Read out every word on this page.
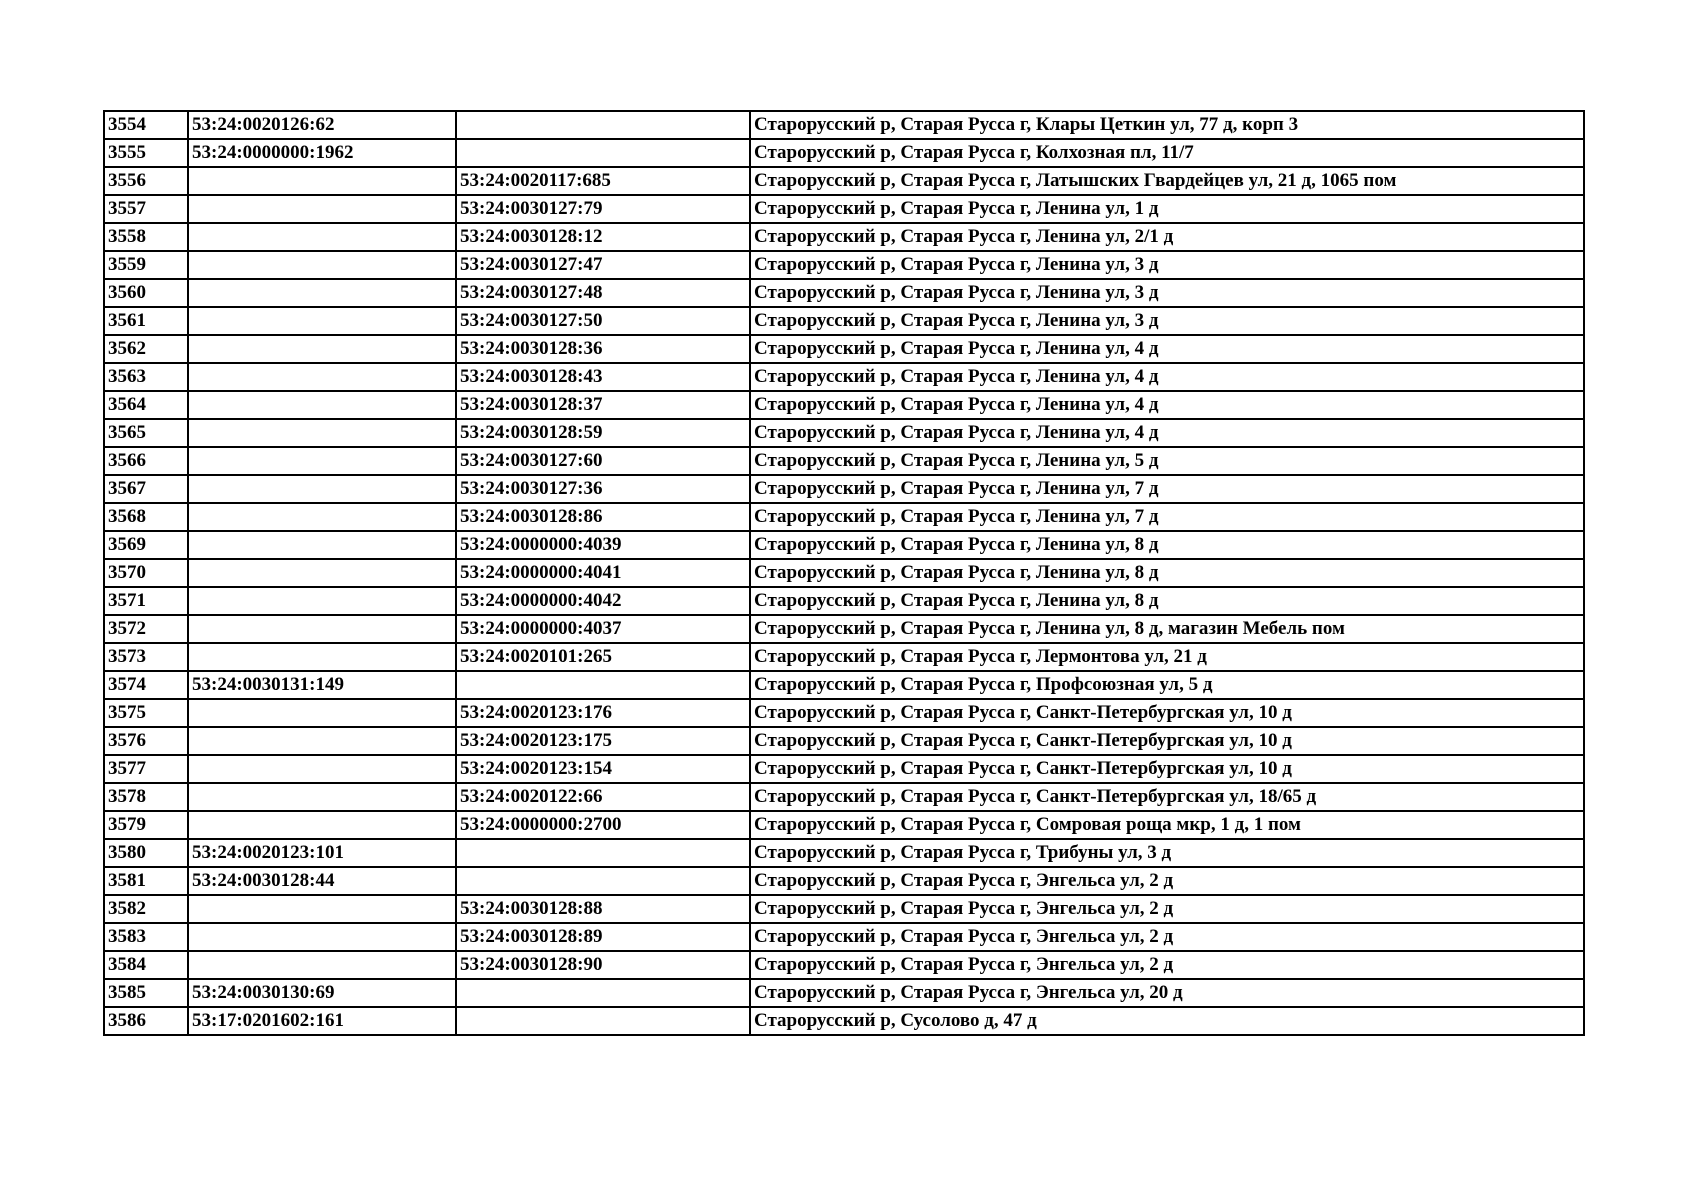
3554	53:24:0020126:62		Старорусский р, Старая Русса г, Клары Цеткин ул, 77 д, корп 3
3555	53:24:0000000:1962		Старорусский р, Старая Русса г, Колхозная пл, 11/7
3556		53:24:0020117:685	Старорусский р, Старая Русса г, Латышских Гвардейцев ул, 21 д, 1065 пом
3557		53:24:0030127:79	Старорусский р, Старая Русса г, Ленина ул, 1 д
3558		53:24:0030128:12	Старорусский р, Старая Русса г, Ленина ул, 2/1 д
3559		53:24:0030127:47	Старорусский р, Старая Русса г, Ленина ул, 3 д
3560		53:24:0030127:48	Старорусский р, Старая Русса г, Ленина ул, 3 д
3561		53:24:0030127:50	Старорусский р, Старая Русса г, Ленина ул, 3 д
3562		53:24:0030128:36	Старорусский р, Старая Русса г, Ленина ул, 4 д
3563		53:24:0030128:43	Старорусский р, Старая Русса г, Ленина ул, 4 д
3564		53:24:0030128:37	Старорусский р, Старая Русса г, Ленина ул, 4 д
3565		53:24:0030128:59	Старорусский р, Старая Русса г, Ленина ул, 4 д
3566		53:24:0030127:60	Старорусский р, Старая Русса г, Ленина ул, 5 д
3567		53:24:0030127:36	Старорусский р, Старая Русса г, Ленина ул, 7 д
3568		53:24:0030128:86	Старорусский р, Старая Русса г, Ленина ул, 7 д
3569		53:24:0000000:4039	Старорусский р, Старая Русса г, Ленина ул, 8 д
3570		53:24:0000000:4041	Старорусский р, Старая Русса г, Ленина ул, 8 д
3571		53:24:0000000:4042	Старорусский р, Старая Русса г, Ленина ул, 8 д
3572		53:24:0000000:4037	Старорусский р, Старая Русса г, Ленина ул, 8 д, магазин Мебель пом
3573		53:24:0020101:265	Старорусский р, Старая Русса г, Лермонтова ул, 21 д
3574	53:24:0030131:149		Старорусский р, Старая Русса г, Профсоюзная ул, 5 д
3575		53:24:0020123:176	Старорусский р, Старая Русса г, Санкт-Петербургская ул, 10 д
3576		53:24:0020123:175	Старорусский р, Старая Русса г, Санкт-Петербургская ул, 10 д
3577		53:24:0020123:154	Старорусский р, Старая Русса г, Санкт-Петербургская ул, 10 д
3578		53:24:0020122:66	Старорусский р, Старая Русса г, Санкт-Петербургская ул, 18/65 д
3579		53:24:0000000:2700	Старорусский р, Старая Русса г, Сомровая роща мкр, 1 д, 1 пом
3580	53:24:0020123:101		Старорусский р, Старая Русса г, Трибуны ул, 3 д
3581	53:24:0030128:44		Старорусский р, Старая Русса г, Энгельса ул, 2 д
3582		53:24:0030128:88	Старорусский р, Старая Русса г, Энгельса ул, 2 д
3583		53:24:0030128:89	Старорусский р, Старая Русса г, Энгельса ул, 2 д
3584		53:24:0030128:90	Старорусский р, Старая Русса г, Энгельса ул, 2 д
3585	53:24:0030130:69		Старорусский р, Старая Русса г, Энгельса ул, 20 д
3586	53:17:0201602:161		Старорусский р, Сусолово д, 47 д
